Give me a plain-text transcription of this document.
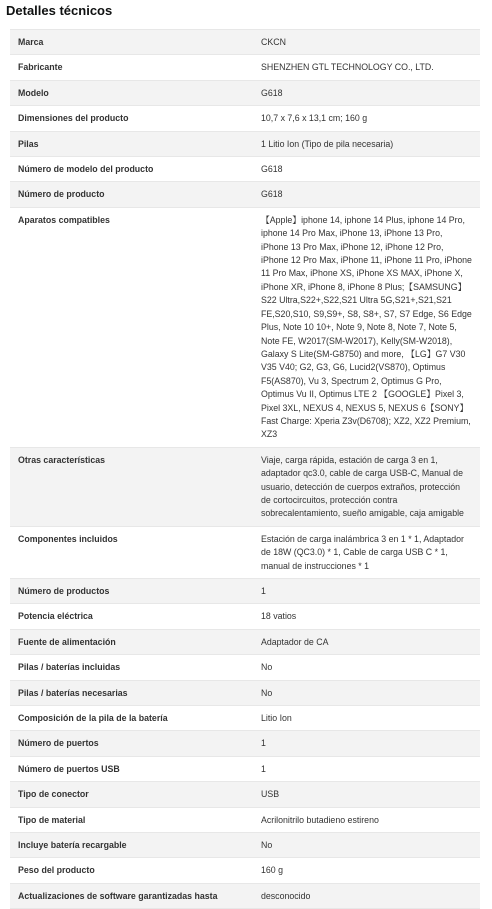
Detalles técnicos
Marca	CKCN
Fabricante	SHENZHEN GTL TECHNOLOGY CO., LTD.
Modelo	G618
Dimensiones del producto	10,7 x 7,6 x 13,1 cm; 160 g
Pilas	1 Litio Ion (Tipo de pila necesaria)
Número de modelo del producto	G618
Número de producto	G618
Aparatos compatibles	【Apple】iphone 14, iphone 14 Plus, iphone 14 Pro, iphone 14 Pro Max, iPhone 13, iPhone 13 Pro, iPhone 13 Pro Max, iPhone 12, iPhone 12 Pro, iPhone 12 Pro Max, iPhone 11, iPhone 11 Pro, iPhone 11 Pro Max, iPhone XS, iPhone XS MAX, iPhone X, iPhone XR, iPhone 8, iPhone 8 Plus;【SAMSUNG】S22 Ultra,S22+,S22,S21 Ultra 5G,S21+,S21,S21 FE,S20,S10, S9,S9+, S8, S8+, S7, S7 Edge, S6 Edge Plus, Note 10 10+, Note 9, Note 8, Note 7, Note 5, Note FE, W2017(SM-W2017), Kelly(SM-W2018), Galaxy S Lite(SM-G8750) and more, 【LG】G7 V30 V35 V40; G2, G3, G6, Lucid2(VS870), Optimus F5(AS870), Vu 3, Spectrum 2, Optimus G Pro, Optimus Vu II, Optimus LTE 2 【GOOGLE】Pixel 3, Pixel 3XL, NEXUS 4, NEXUS 5, NEXUS 6【SONY】Fast Charge: Xperia Z3v(D6708); XZ2, XZ2 Premium, XZ3
Otras características	Viaje, carga rápida, estación de carga 3 en 1, adaptador qc3.0, cable de carga USB-C, Manual de usuario, detección de cuerpos extraños, protección de cortocircuitos, protección contra sobrecalentamiento, sueño amigable, caja amigable
Componentes incluidos	Estación de carga inalámbrica 3 en 1 * 1, Adaptador de 18W (QC3.0) * 1, Cable de carga USB C * 1, manual de instrucciones * 1
Número de productos	1
Potencia eléctrica	18 vatios
Fuente de alimentación	Adaptador de CA
Pilas / baterías incluidas	No
Pilas / baterías necesarias	No
Composición de la pila de la batería	Litio Ion
Número de puertos	1
Número de puertos USB	1
Tipo de conector	USB
Tipo de material	Acrilonitrilo butadieno estireno
Incluye batería recargable	No
Peso del producto	160 g
Actualizaciones de software garantizadas hasta	desconocido
